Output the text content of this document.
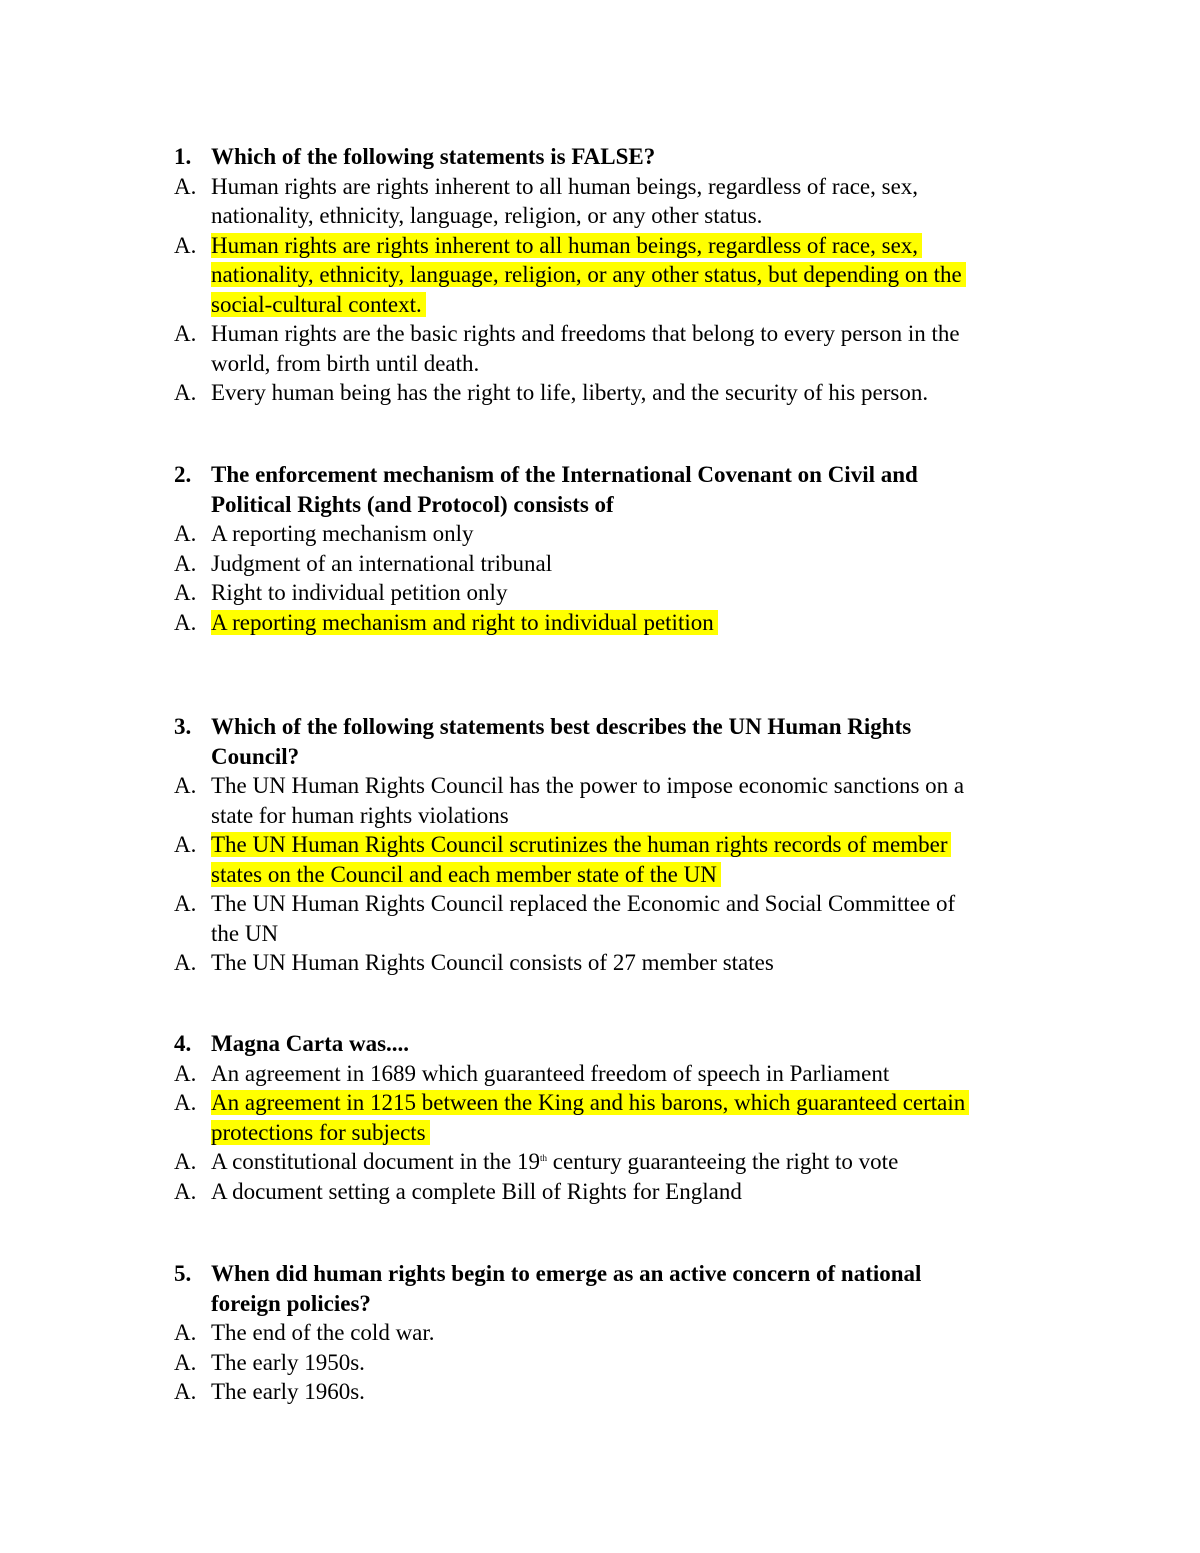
1. Which of the following statements is FALSE?
A. Human rights are rights inherent to all human beings, regardless of race, sex,
nationality, ethnicity, language, religion, or any other status.
A. Human rights are rights inherent to all human beings, regardless of race, sex,
nationality, ethnicity, language, religion, or any other status, but depending on the
social-cultural context.
A. Human rights are the basic rights and freedoms that belong to every person in the
world, from birth until death.
A. Every human being has the right to life, liberty, and the security of his person.
2. The enforcement mechanism of the International Covenant on Civil and
Political Rights (and Protocol) consists of
A. A reporting mechanism only
A. Judgment of an international tribunal
A. Right to individual petition only
A. A reporting mechanism and right to individual petition
3. Which of the following statements best describes the UN Human Rights
Council?
A. The UN Human Rights Council has the power to impose economic sanctions on a
state for human rights violations
A. The UN Human Rights Council scrutinizes the human rights records of member
states on the Council and each member state of the UN
A. The UN Human Rights Council replaced the Economic and Social Committee of
the UN
A. The UN Human Rights Council consists of 27 member states
4. Magna Carta was....
A. An agreement in 1689 which guaranteed freedom of speech in Parliament
A. An agreement in 1215 between the King and his barons, which guaranteed certain
protections for subjects
A. A constitutional document in the 19th century guaranteeing the right to vote
A. A document setting a complete Bill of Rights for England
5. When did human rights begin to emerge as an active concern of national
foreign policies?
A. The end of the cold war.
A. The early 1950s.
A. The early 1960s.
